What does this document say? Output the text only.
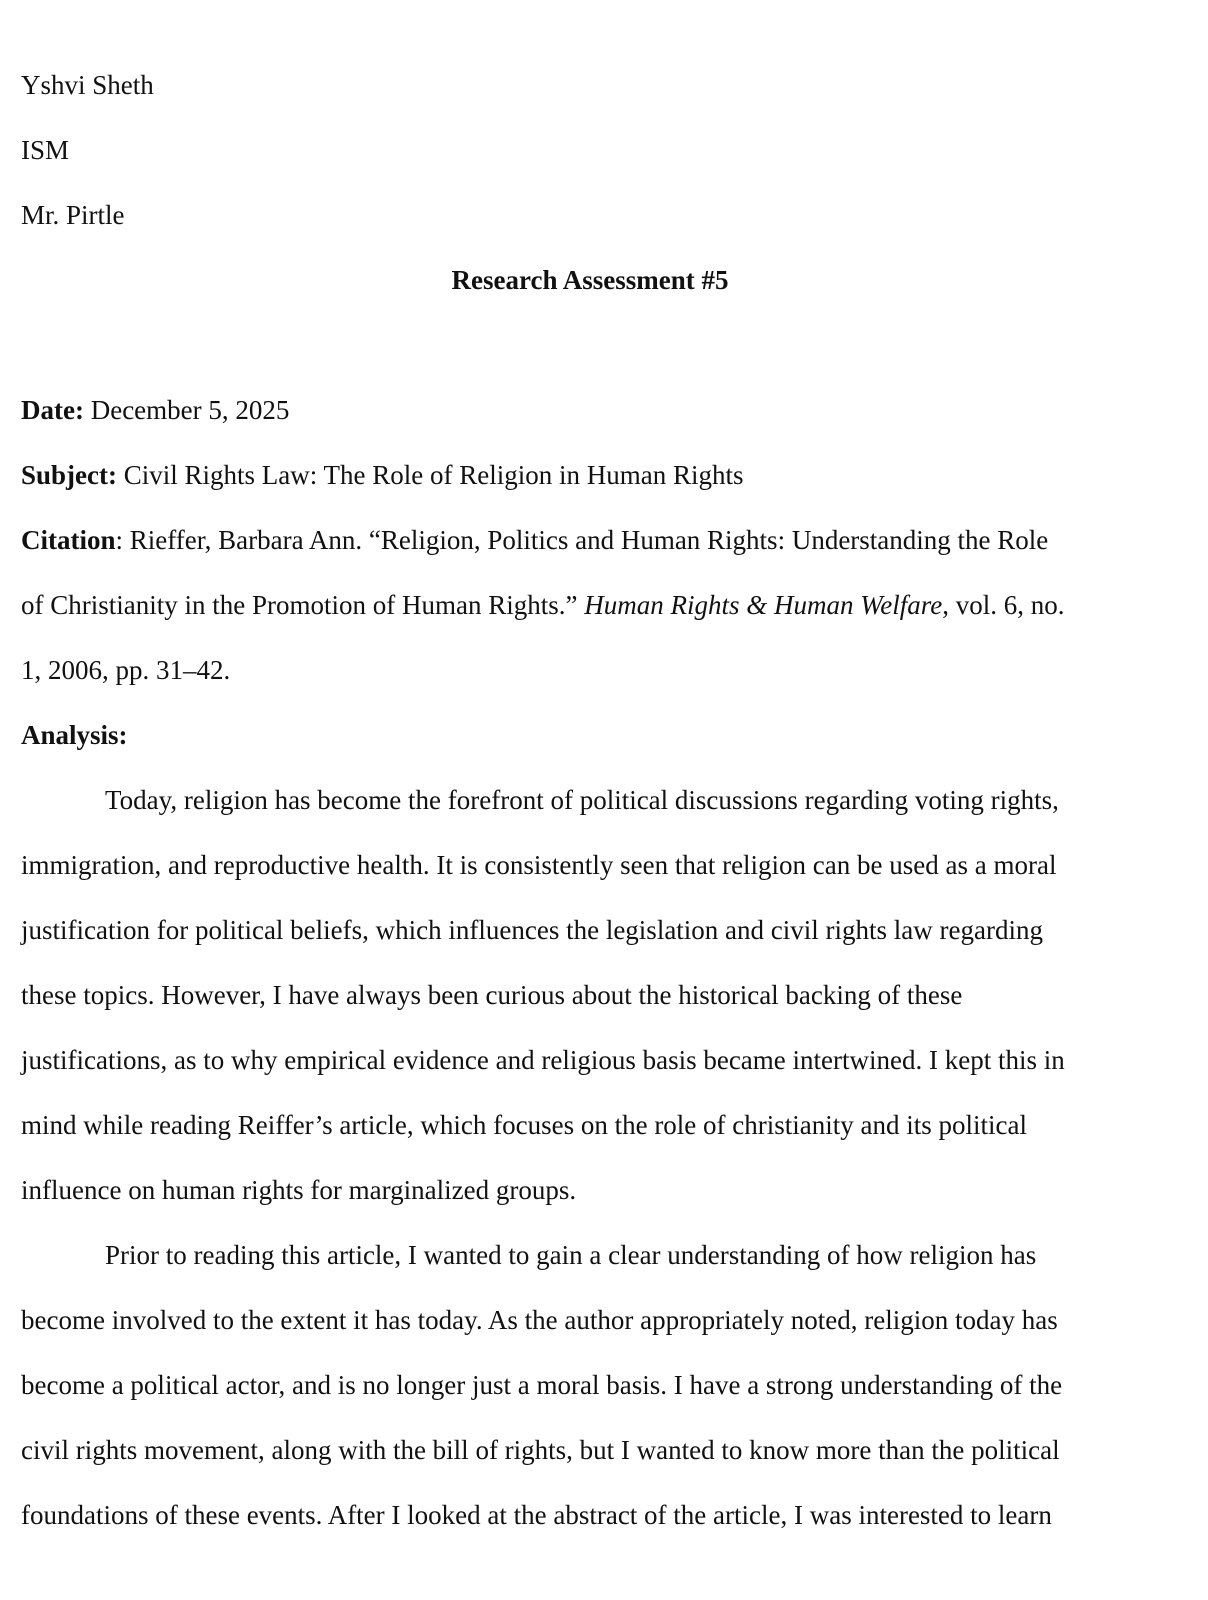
Yshvi Sheth
ISM
Mr. Pirtle
Research Assessment #5
Date: December 5, 2025
Subject: Civil Rights Law: The Role of Religion in Human Rights
Citation: Rieffer, Barbara Ann. “Religion, Politics and Human Rights: Understanding the Role
of Christianity in the Promotion of Human Rights.” Human Rights & Human Welfare, vol. 6, no.
1, 2006, pp. 31–42.
Analysis:
Today, religion has become the forefront of political discussions regarding voting rights,
immigration, and reproductive health. It is consistently seen that religion can be used as a moral
justification for political beliefs, which influences the legislation and civil rights law regarding
these topics. However, I have always been curious about the historical backing of these
justifications, as to why empirical evidence and religious basis became intertwined. I kept this in
mind while reading Reiffer’s article, which focuses on the role of christianity and its political
influence on human rights for marginalized groups.
Prior to reading this article, I wanted to gain a clear understanding of how religion has
become involved to the extent it has today. As the author appropriately noted, religion today has
become a political actor, and is no longer just a moral basis. I have a strong understanding of the
civil rights movement, along with the bill of rights, but I wanted to know more than the political
foundations of these events. After I looked at the abstract of the article, I was interested to learn
